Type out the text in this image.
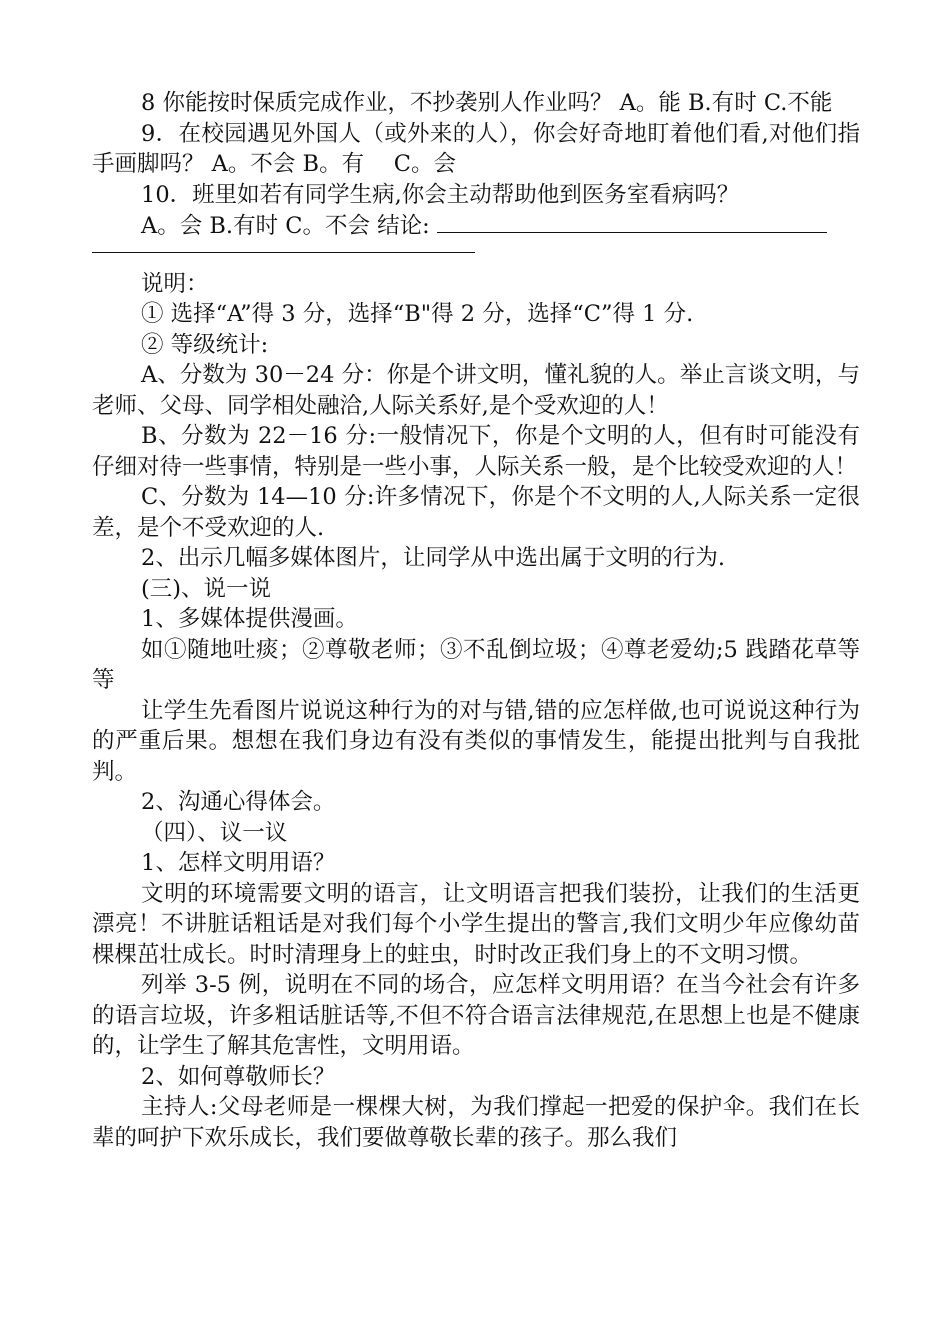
8 你能按时保质完成作业，不抄袭别人作业吗？ A。能 B.有时 C.不能

9．在校园遇见外国人（或外来的人），你会好奇地盯着他们看,对他们指手画脚吗？ A。不会 B。有　 C。会

10．班里如若有同学生病,你会主动帮助他到医务室看病吗？

A。会 B.有时 C。不会 结论:

说明：

① 选择“A”得 3 分，选择“B"得 2 分，选择“C”得 1 分.

② 等级统计:

A、分数为 30－24 分：你是个讲文明，懂礼貌的人。举止言谈文明，与老师、父母、同学相处融洽,人际关系好,是个受欢迎的人！

B、分数为 22－16 分:一般情况下，你是个文明的人，但有时可能没有仔细对待一些事情，特别是一些小事，人际关系一般，是个比较受欢迎的人！

C、分数为 14—10 分:许多情况下，你是个不文明的人,人际关系一定很差，是个不受欢迎的人.

2、出示几幅多媒体图片，让同学从中选出属于文明的行为.

(三)、说一说

1、多媒体提供漫画。

如①随地吐痰；②尊敬老师；③不乱倒垃圾；④尊老爱幼;5 践踏花草等等

让学生先看图片说说这种行为的对与错,错的应怎样做,也可说说这种行为的严重后果。想想在我们身边有没有类似的事情发生，能提出批判与自我批判。

2、沟通心得体会。

（四）、议一议

1、怎样文明用语？

文明的环境需要文明的语言，让文明语言把我们装扮，让我们的生活更漂亮！不讲脏话粗话是对我们每个小学生提出的警言,我们文明少年应像幼苗棵棵茁壮成长。时时清理身上的蛀虫，时时改正我们身上的不文明习惯。

列举 3-5 例，说明在不同的场合，应怎样文明用语？在当今社会有许多的语言垃圾，许多粗话脏话等,不但不符合语言法律规范,在思想上也是不健康的，让学生了解其危害性，文明用语。

2、如何尊敬师长？

主持人:父母老师是一棵棵大树，为我们撑起一把爱的保护伞。我们在长辈的呵护下欢乐成长，我们要做尊敬长辈的孩子。那么我们
